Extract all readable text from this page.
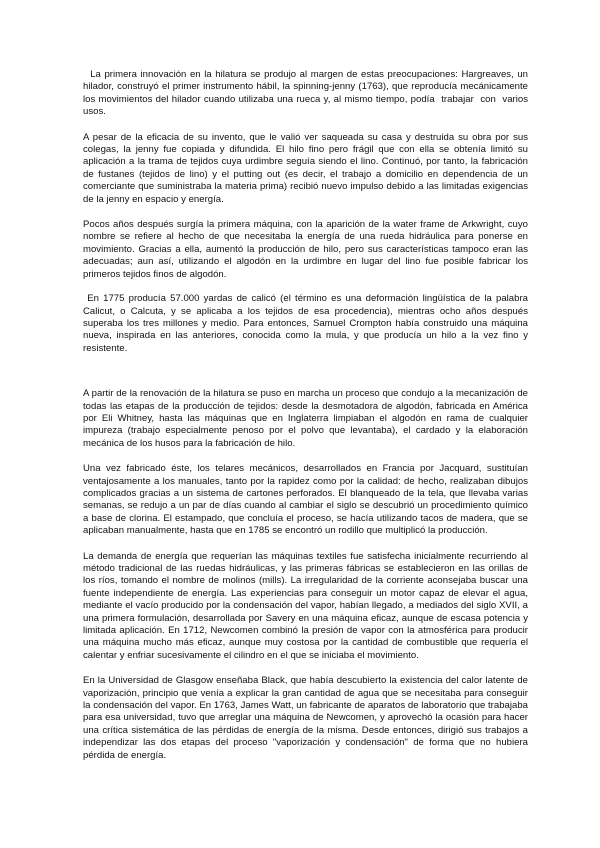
La primera innovación en la hilatura se produjo al margen de estas preocupaciones: Hargreaves, un hilador, construyó el primer instrumento hábil, la spinning-jenny (1763), que reproducía mecánicamente los movimientos del hilador cuando utilizaba una rueca y, al mismo tiempo, podía  trabajar  con  varios usos.

A pesar de la eficacia de su invento, que le valió ver saqueada su casa y destruida su obra por sus colegas, la jenny fue copiada y difundida. El hilo fino pero frágil que con ella se obtenía limitó su aplicación a la trama de tejidos cuya urdimbre seguía siendo el lino. Continuó, por tanto, la fabricación de fustanes (tejidos de lino) y el putting out (es decir, el trabajo a domicilio en dependencia de un comerciante que suministraba la materia prima) recibió nuevo impulso debido a las limitadas exigencias de la jenny en espacio y energía.

Pocos años después surgía la primera máquina, con la aparición de la water frame de Arkwright, cuyo nombre se refiere al hecho de que necesitaba la energía de una rueda hidráulica para ponerse en movimiento. Gracias a ella, aumentó la producción de hilo, pero sus características tampoco eran las adecuadas; aun así, utilizando el algodón en la urdimbre en lugar del lino fue posible fabricar los primeros tejidos finos de algodón.

En 1775 producía 57.000 yardas de calicó (el término es una deformación lingüística de la palabra Calicut, o Calcuta, y se aplicaba a los tejidos de esa procedencia), mientras ocho años después superaba los tres millones y medio. Para entonces, Samuel Crompton había construido una máquina nueva, inspirada en las anteriores, conocida como la mula, y que producía un hilo a la vez fino y resistente.

A partir de la renovación de la hilatura se puso en marcha un proceso que condujo a la mecanización de todas las etapas de la producción de tejidos: desde la desmotadora de algodón, fabricada en América por Eli Whitney, hasta las máquinas que en Inglaterra limpiaban el algodón en rama de cualquier impureza (trabajo especialmente penoso por el polvo que levantaba), el cardado y la elaboración mecánica de los husos para la fabricación de hilo.

Una vez fabricado éste, los telares mecánicos, desarrollados en Francia por Jacquard, sustituían ventajosamente a los manuales, tanto por la rapidez como por la calidad: de hecho, realizaban dibujos complicados gracias a un sistema de cartones perforados. El blanqueado de la tela, que llevaba varias semanas, se redujo a un par de días cuando al cambiar el siglo se descubrió un procedimiento químico a base de clorina. El estampado, que concluía el proceso, se hacía utilizando tacos de madera, que se aplicaban manualmente, hasta que en 1785 se encontró un rodillo que multiplicó la producción.

La demanda de energía que requerían las máquinas textiles fue satisfecha inicialmente recurriendo al método tradicional de las ruedas hidráulicas, y las primeras fábricas se establecieron en las orillas de los ríos, tomando el nombre de molinos (mills). La irregularidad de la corriente aconsejaba buscar una fuente independiente de energía. Las experiencias para conseguir un motor capaz de elevar el agua, mediante el vacío producido por la condensación del vapor, habían llegado, a mediados del siglo XVII, a una primera formulación, desarrollada por Savery en una máquina eficaz, aunque de escasa potencia y limitada aplicación. En 1712, Newcomen combinó la presión de vapor con la atmosférica para producir una máquina mucho más eficaz, aunque muy costosa por la cantidad de combustible que requería el calentar y enfriar sucesivamente el cilindro en el que se iniciaba el movimiento.

En la Universidad de Glasgow enseñaba Black, que había descubierto la existencia del calor latente de vaporización, principio que venía a explicar la gran cantidad de agua que se necesitaba para conseguir la condensación del vapor. En 1763, James Watt, un fabricante de aparatos de laboratorio que trabajaba para esa universidad, tuvo que arreglar una máquina de Newcomen, y aprovechó la ocasión para hacer una crítica sistemática de las pérdidas de energía de la misma. Desde entonces, dirigió sus trabajos a independizar las dos etapas del proceso "vaporización y condensación" de forma que no hubiera pérdida de energía.
